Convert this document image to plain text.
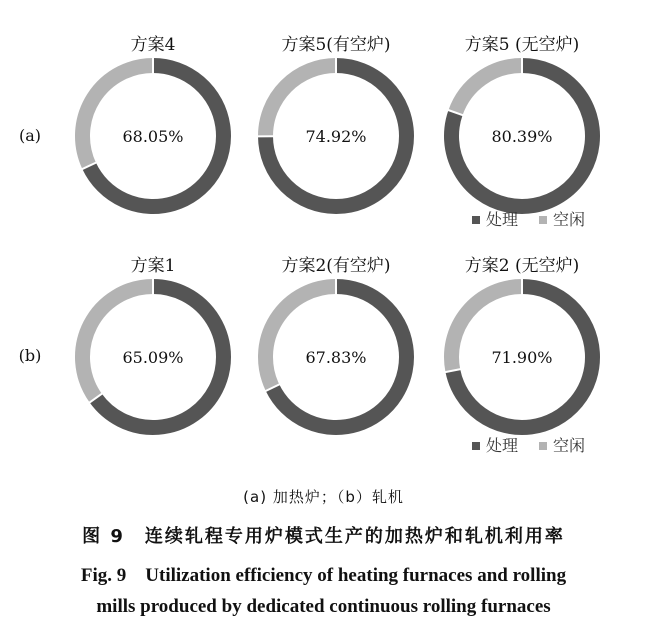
方案4
68.05%
方案5(有空炉)
74.92%
方案5 (无空炉)
80.39%
方案1
65.09%
方案2(有空炉)
67.83%
方案2 (无空炉)
71.90%
(a)
(b)
处理 空闲
处理 空闲
(a) 加热炉；（b）轧机
图 9　连续轧程专用炉模式生产的加热炉和轧机利用率
Fig. 9　Utilization efficiency of heating furnaces and rolling
mills produced by dedicated continuous rolling furnaces
